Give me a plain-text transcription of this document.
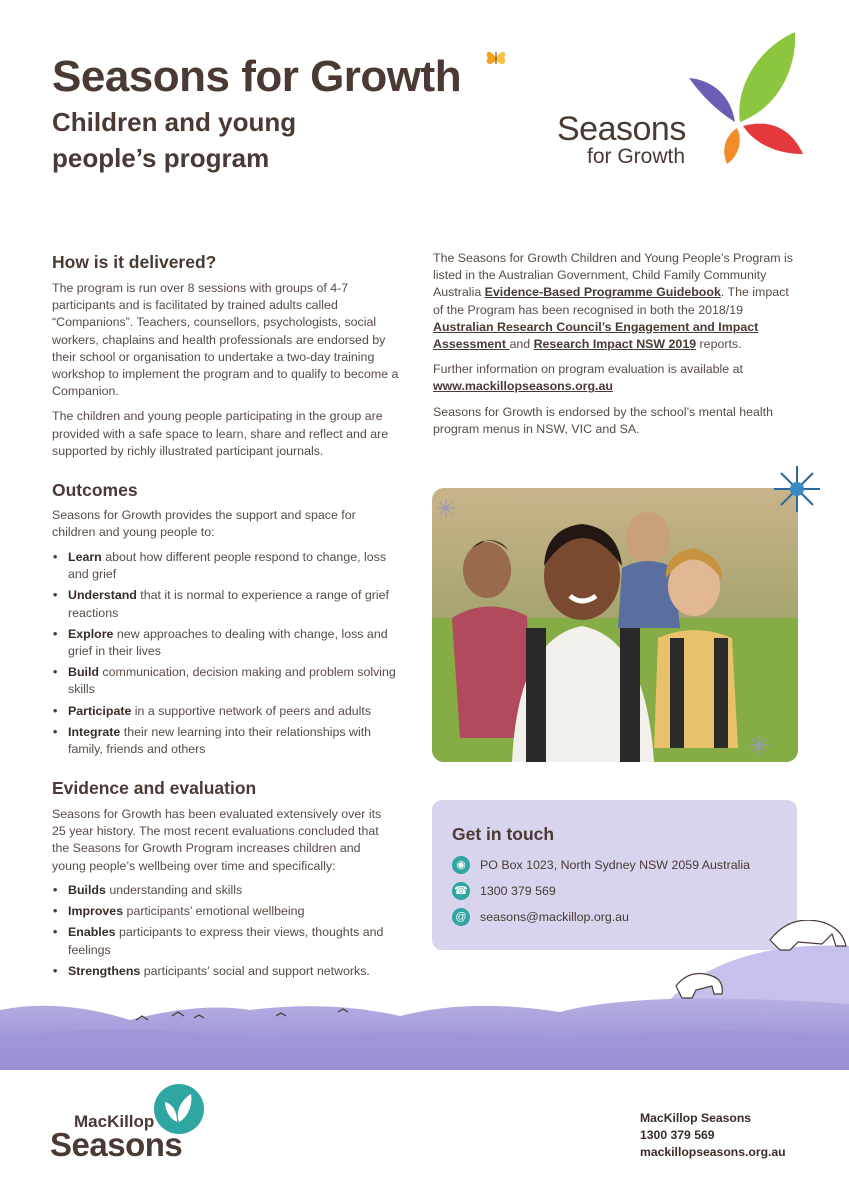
Seasons for Growth
Children and young
people’s program
Seasons
for Growth
How is it delivered?

The program is run over 8 sessions with groups of 4-7 participants and is facilitated by trained adults called “Companions”. Teachers, counsellors, psychologists, social workers, chaplains and health professionals are endorsed by their school or organisation to undertake a two-day training workshop to implement the program and to qualify to become a Companion.

The children and young people participating in the group are provided with a safe space to learn, share and reflect and are supported by richly illustrated participant journals.

Outcomes
Seasons for Growth provides the support and space for children and young people to:
• Learn about how different people respond to change, loss and grief
• Understand that it is normal to experience a range of grief reactions
• Explore new approaches to dealing with change, loss and grief in their lives
• Build communication, decision making and problem solving skills
• Participate in a supportive network of peers and adults
• Integrate their new learning into their relationships with family, friends and others
Evidence and evaluation
Seasons for Growth has been evaluated extensively over its 25 year history. The most recent evaluations concluded that the Seasons for Growth Program increases children and young people’s wellbeing over time and specifically:
• Builds understanding and skills
• Improves participants’ emotional wellbeing
• Enables participants to express their views, thoughts and feelings
• Strengthens participants’ social and support networks.

The Seasons for Growth Children and Young People’s Program is listed in the Australian Government, Child Family Community Australia Evidence-Based Programme Guidebook. The impact of the Program has been recognised in both the 2018/19 Australian Research Council’s Engagement and Impact Assessment and Research Impact NSW 2019 reports.

Further information on program evaluation is available at www.mackillopseasons.org.au

Seasons for Growth is endorsed by the school’s mental health program menus in NSW, VIC and SA.

Get in touch
◉	PO Box 1023, North Sydney NSW 2059 Australia
☎ 1300 379 569
@ seasons@mackillop.org.au
MacKillop
Seasons
MacKillop Seasons
1300 379 569
mackillopseasons.org.au
